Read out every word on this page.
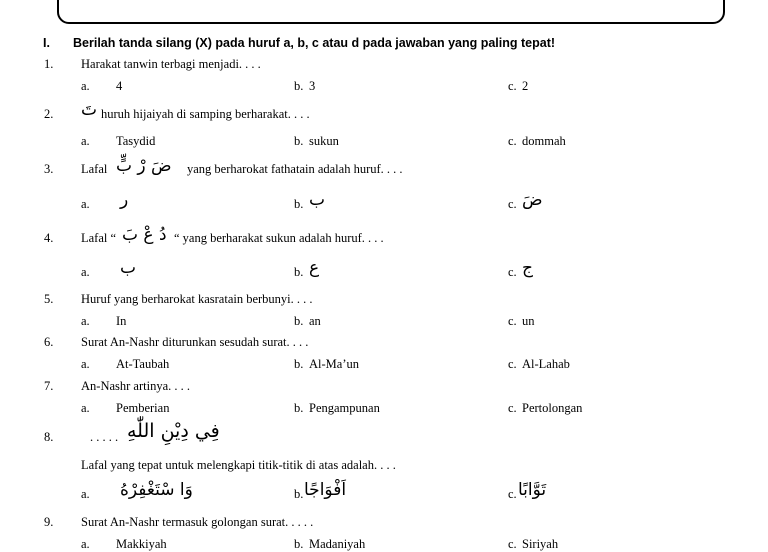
I. Berilah tanda silang (X) pada huruf a, b, c atau d pada jawaban yang paling tepat!
1. Harakat tanwin terbagi menjadi. . . .
a. 4	b. 3	c. 2
2. تَ huruh hijaiyah di samping berharakat. . . .
a. Tasydid	b. sukun	c. dommah
3. Lafal ضَ رْ بٍّ yang berharokat fathatain adalah huruf. . . .
a. ر	b. ب	c. ضَ
4. Lafal “ دُ عْ بَ “ yang berharakat sukun adalah huruf. . . .
a. ب	b. ع	c. ج
5. Huruf yang berharokat kasratain berbunyi. . . .
a. In	b. an	c. un
6. Surat An-Nashr diturunkan sesudah surat. . . .
a. At-Taubah	b. Al-Ma’un	c. Al-Lahab
7. An-Nashr artinya. . . .
a. Pemberian	b. Pengampunan	c. Pertolongan
8.	. . . . . فِي دِيْنِ اللّٰهِ
Lafal yang tepat untuk melengkapi titik-titik di atas adalah. . . .
a. وَا سْتَغْفِرْهُ	b. اَفْوَاجًا	c. تَوَّابًا
9. Surat An-Nashr termasuk golongan surat. . . . .
a. Makkiyah	b. Madaniyah	c. Siriyah
